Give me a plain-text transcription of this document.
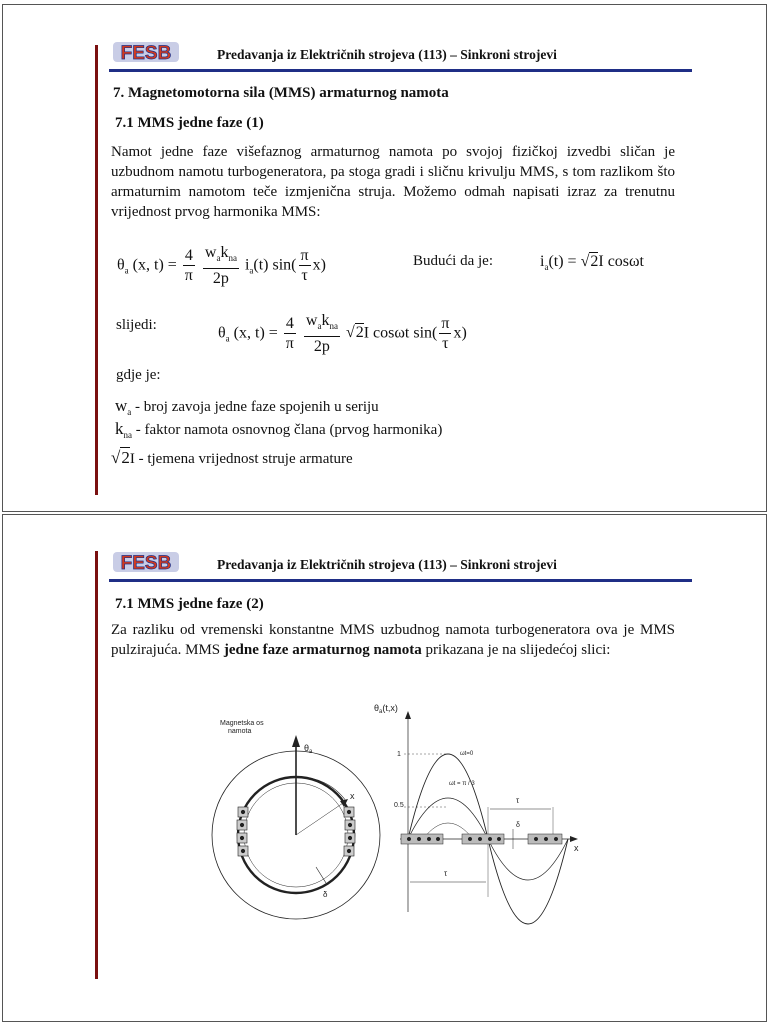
FESB	Predavanja iz Električnih strojeva (113) – Sinkroni strojevi
7. Magnetomotorna sila (MMS) armaturnog namota
7.1 MMS jedne faze (1)
Namot jedne faze višefaznog armaturnog namota po svojoj fizičkoj izvedbi sličan je uzbudnom namotu turbogeneratora, pa stoga gradi i sličnu krivulju MMS, s tom razlikom što armaturnim namotom teče izmjenična struja. Možemo odmah napisati izraz za trenutnu vrijednost prvog harmonika MMS:
$\theta_a$ (x, $t) = \frac{4}{\pi}$
$\frac{w_ak_{na}}{2p} i_a(t)$ $\sin( \frac{\pi}{\tau} x)$	Budući da je:	$i_a(t) = √2I$ cosωt
slijedi:	$\theta_a$ (x, $t) = \frac{4}{\pi}$
$\frac{w_ak_{na}}{2p} √2I$ cosωt $\sin( \frac{\pi}{\tau} x)$
gdje je:
$w_a$ - broj zavoja jedne faze spojenih u seriju
$k_{na}$ - faktor namota osnovnog člana (prvog harmonika)
√2I - tjemena vrijednost struje armature
FESB	Predavanja iz Električnih strojeva (113) – Sinkroni strojevi
7.1 MMS jedne faze (2)
Za razliku od vremenski konstantne MMS uzbudnog namota turbogeneratora ova je MMS pulzirajuća. MMS jedne faze armaturnog namota prikazana je na slijedećoj slici:
Magnetska os
namota
$\theta_a$
x
δ
$\theta_a(t,x)$
x
1
0.5
ωt=0
ωt = π / 3
τ
τ
δ
